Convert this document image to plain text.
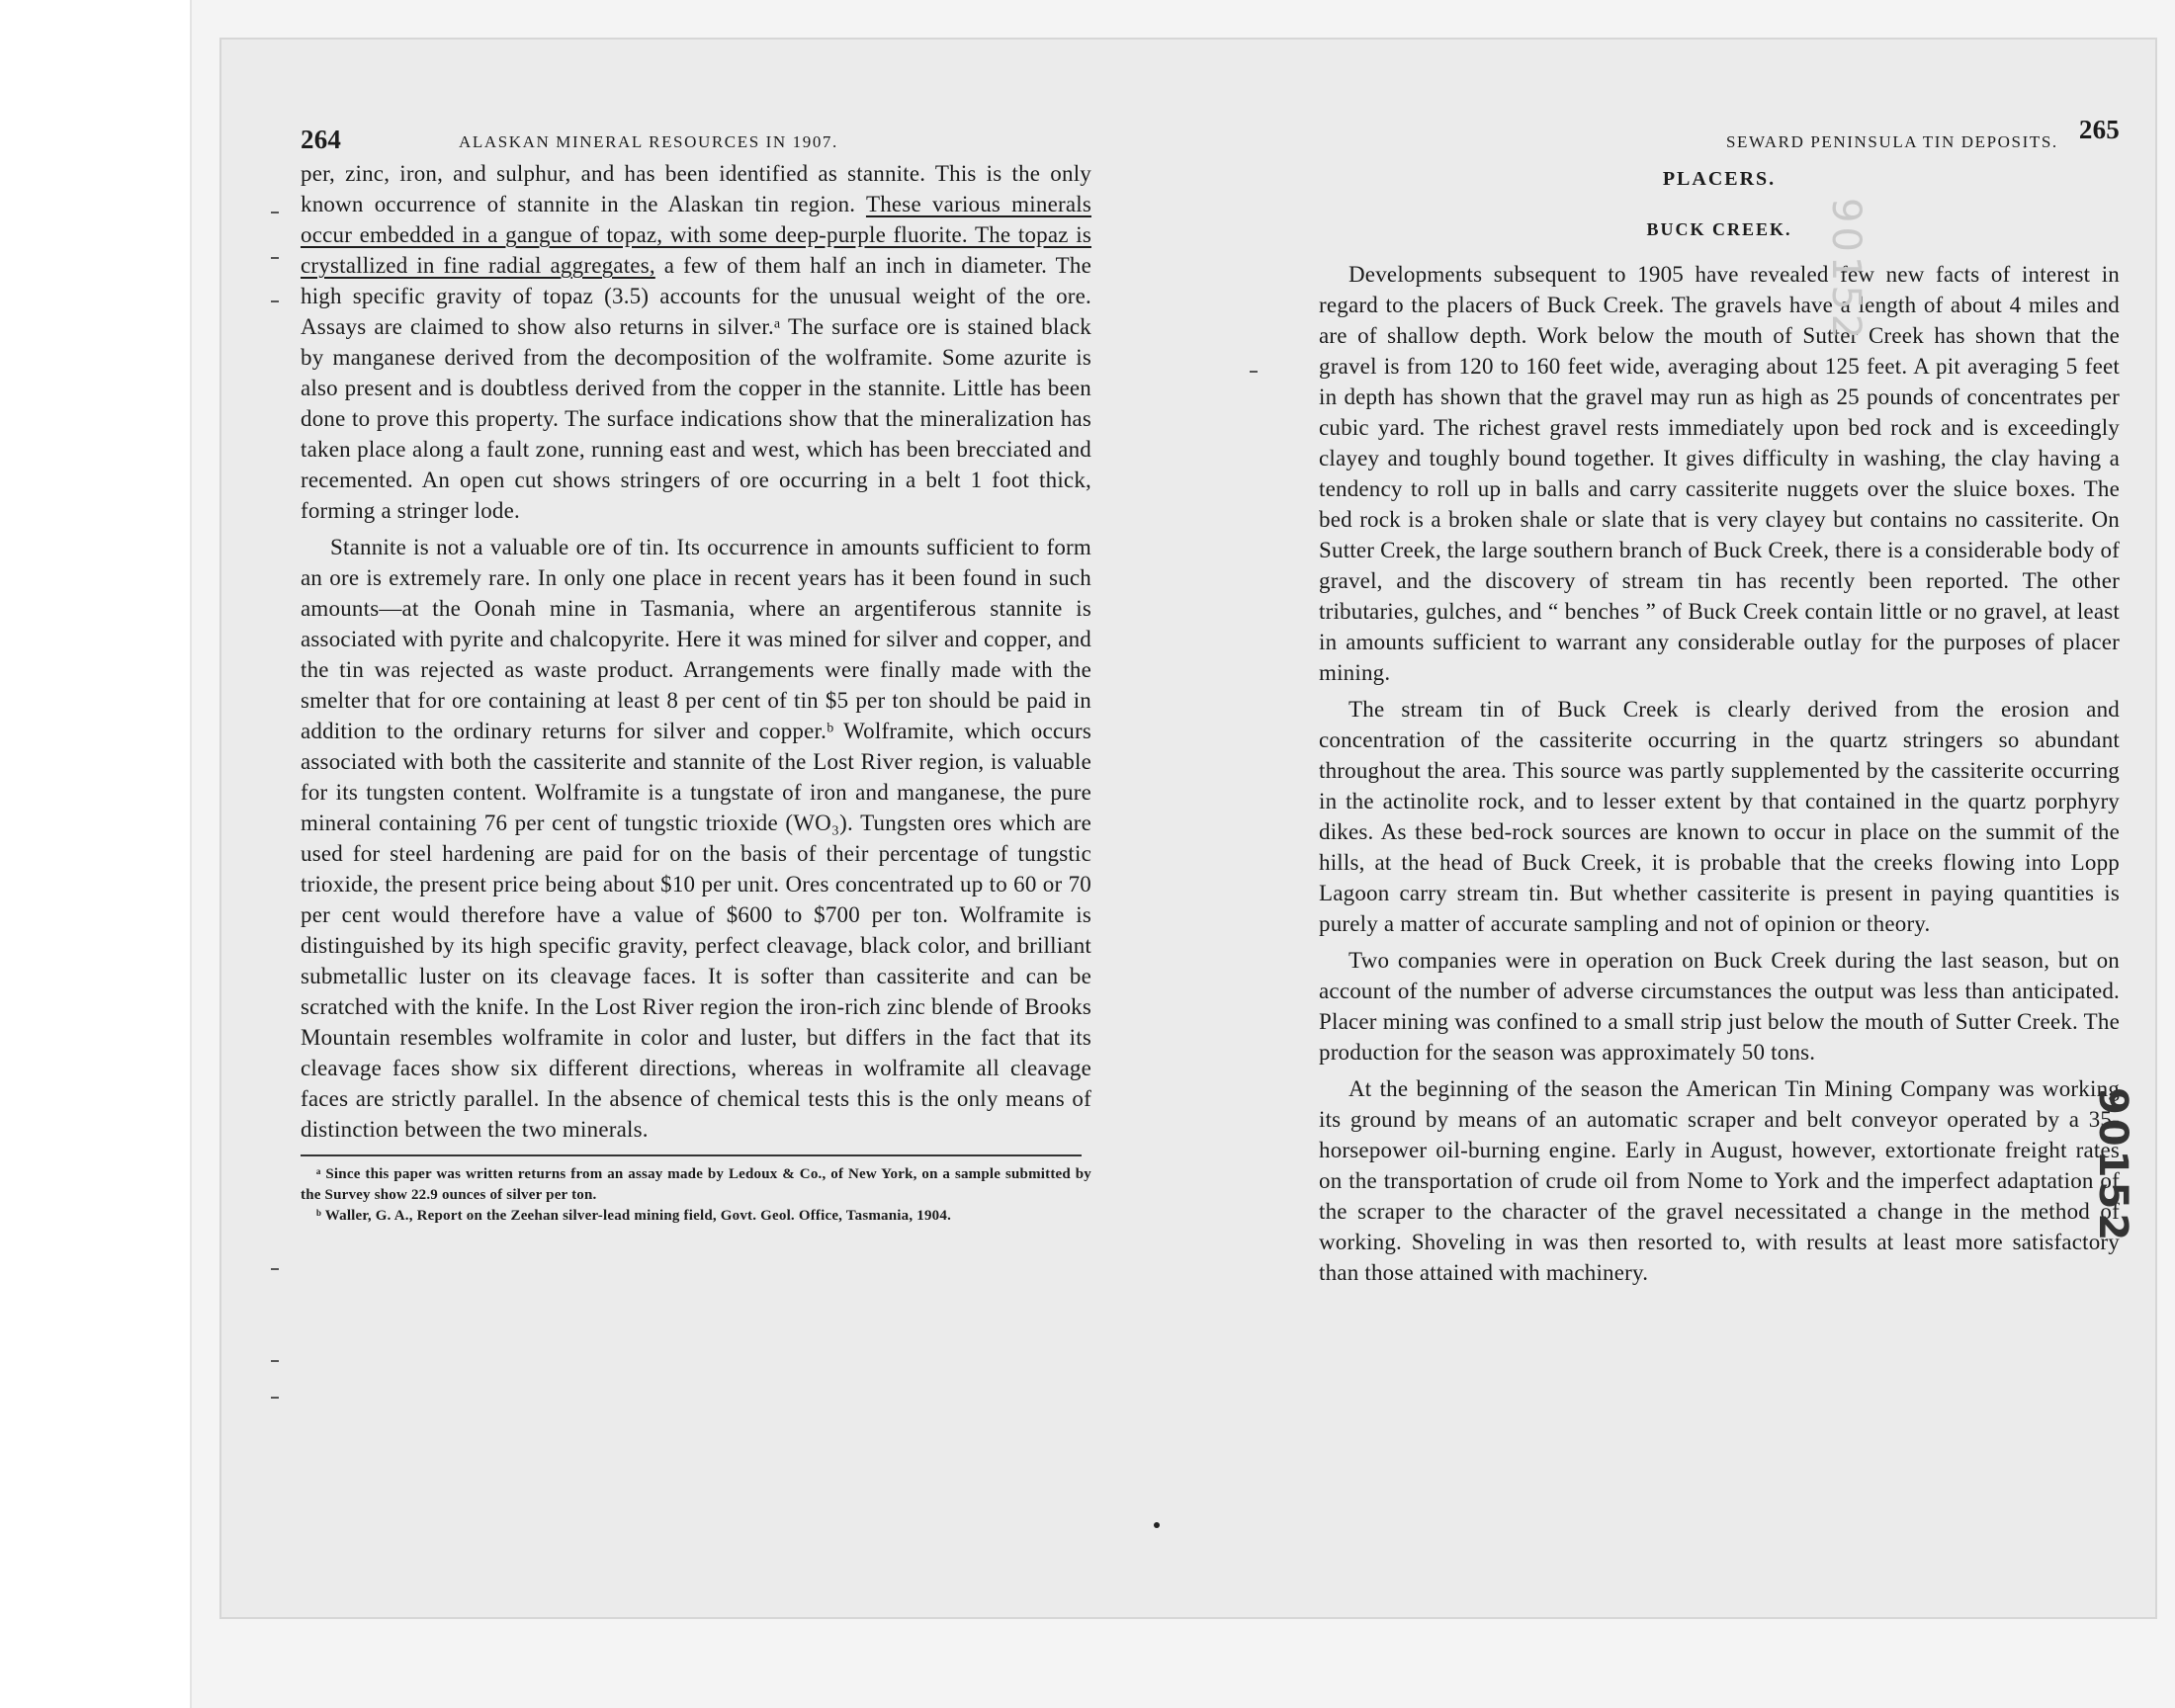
264	ALASKAN MINERAL RESOURCES IN 1907.

per, zinc, iron, and sulphur, and has been identified as stannite. This is the only known occurrence of stannite in the Alaskan tin region. These various minerals occur embedded in a gangue of topaz, with some deep-purple fluorite. The topaz is crystallized in fine radial aggregates, a few of them half an inch in diameter. The high specific gravity of topaz (3.5) accounts for the unusual weight of the ore. Assays are claimed to show also returns in silver.ᵃ The surface ore is stained black by manganese derived from the decomposition of the wolframite. Some azurite is also present and is doubtless derived from the copper in the stannite. Little has been done to prove this property. The surface indications show that the mineralization has taken place along a fault zone, running east and west, which has been brecciated and recemented. An open cut shows stringers of ore occurring in a belt 1 foot thick, forming a stringer lode.

Stannite is not a valuable ore of tin. Its occurrence in amounts sufficient to form an ore is extremely rare. In only one place in recent years has it been found in such amounts—at the Oonah mine in Tasmania, where an argentiferous stannite is associated with pyrite and chalcopyrite. Here it was mined for silver and copper, and the tin was rejected as waste product. Arrangements were finally made with the smelter that for ore containing at least 8 per cent of tin $5 per ton should be paid in addition to the ordinary returns for silver and copper.ᵇ Wolframite, which occurs associated with both the cassiterite and stannite of the Lost River region, is valuable for its tungsten content. Wolframite is a tungstate of iron and manganese, the pure mineral containing 76 per cent of tungstic trioxide (WO₃). Tungsten ores which are used for steel hardening are paid for on the basis of their percentage of tungstic trioxide, the present price being about $10 per unit. Ores concentrated up to 60 or 70 per cent would therefore have a value of $600 to $700 per ton. Wolframite is distinguished by its high specific gravity, perfect cleavage, black color, and brilliant submetallic luster on its cleavage faces. It is softer than cassiterite and can be scratched with the knife. In the Lost River region the iron-rich zinc blende of Brooks Mountain resembles wolframite in color and luster, but differs in the fact that its cleavage faces show six different directions, whereas in wolframite all cleavage faces are strictly parallel. In the absence of chemical tests this is the only means of distinction between the two minerals.

ᵃ Since this paper was written returns from an assay made by Ledoux & Co., of New York, on a sample submitted by the Survey show 22.9 ounces of silver per ton.

ᵇ Waller, G. A., Report on the Zeehan silver-lead mining field, Govt. Geol. Office, Tasmania, 1904.

SEWARD PENINSULA TIN DEPOSITS. 265

PLACERS.

BUCK CREEK.

Developments subsequent to 1905 have revealed few new facts of interest in regard to the placers of Buck Creek. The gravels have a length of about 4 miles and are of shallow depth. Work below the mouth of Sutter Creek has shown that the gravel is from 120 to 160 feet wide, averaging about 125 feet. A pit averaging 5 feet in depth has shown that the gravel may run as high as 25 pounds of concentrates per cubic yard. The richest gravel rests immediately upon bed rock and is exceedingly clayey and toughly bound together. It gives difficulty in washing, the clay having a tendency to roll up in balls and carry cassiterite nuggets over the sluice boxes. The bed rock is a broken shale or slate that is very clayey but contains no cassiterite. On Sutter Creek, the large southern branch of Buck Creek, there is a considerable body of gravel, and the discovery of stream tin has recently been reported. The other tributaries, gulches, and “ benches ” of Buck Creek contain little or no gravel, at least in amounts sufficient to warrant any considerable outlay for the purposes of placer mining.

The stream tin of Buck Creek is clearly derived from the erosion and concentration of the cassiterite occurring in the quartz stringers so abundant throughout the area. This source was partly supplemented by the cassiterite occurring in the actinolite rock, and to lesser extent by that contained in the quartz porphyry dikes. As these bed-rock sources are known to occur in place on the summit of the hills, at the head of Buck Creek, it is probable that the creeks flowing into Lopp Lagoon carry stream tin. But whether cassiterite is present in paying quantities is purely a matter of accurate sampling and not of opinion or theory.

Two companies were in operation on Buck Creek during the last season, but on account of the number of adverse circumstances the output was less than anticipated. Placer mining was confined to a small strip just below the mouth of Sutter Creek. The production for the season was approximately 50 tons.

At the beginning of the season the American Tin Mining Company was working its ground by means of an automatic scraper and belt conveyor operated by a 35-horsepower oil-burning engine. Early in August, however, extortionate freight rates on the transportation of crude oil from Nome to York and the imperfect adaptation of the scraper to the character of the gravel necessitated a change in the method of working. Shoveling in was then resorted to, with results at least more satisfactory than those attained with machinery.

90152
90152
